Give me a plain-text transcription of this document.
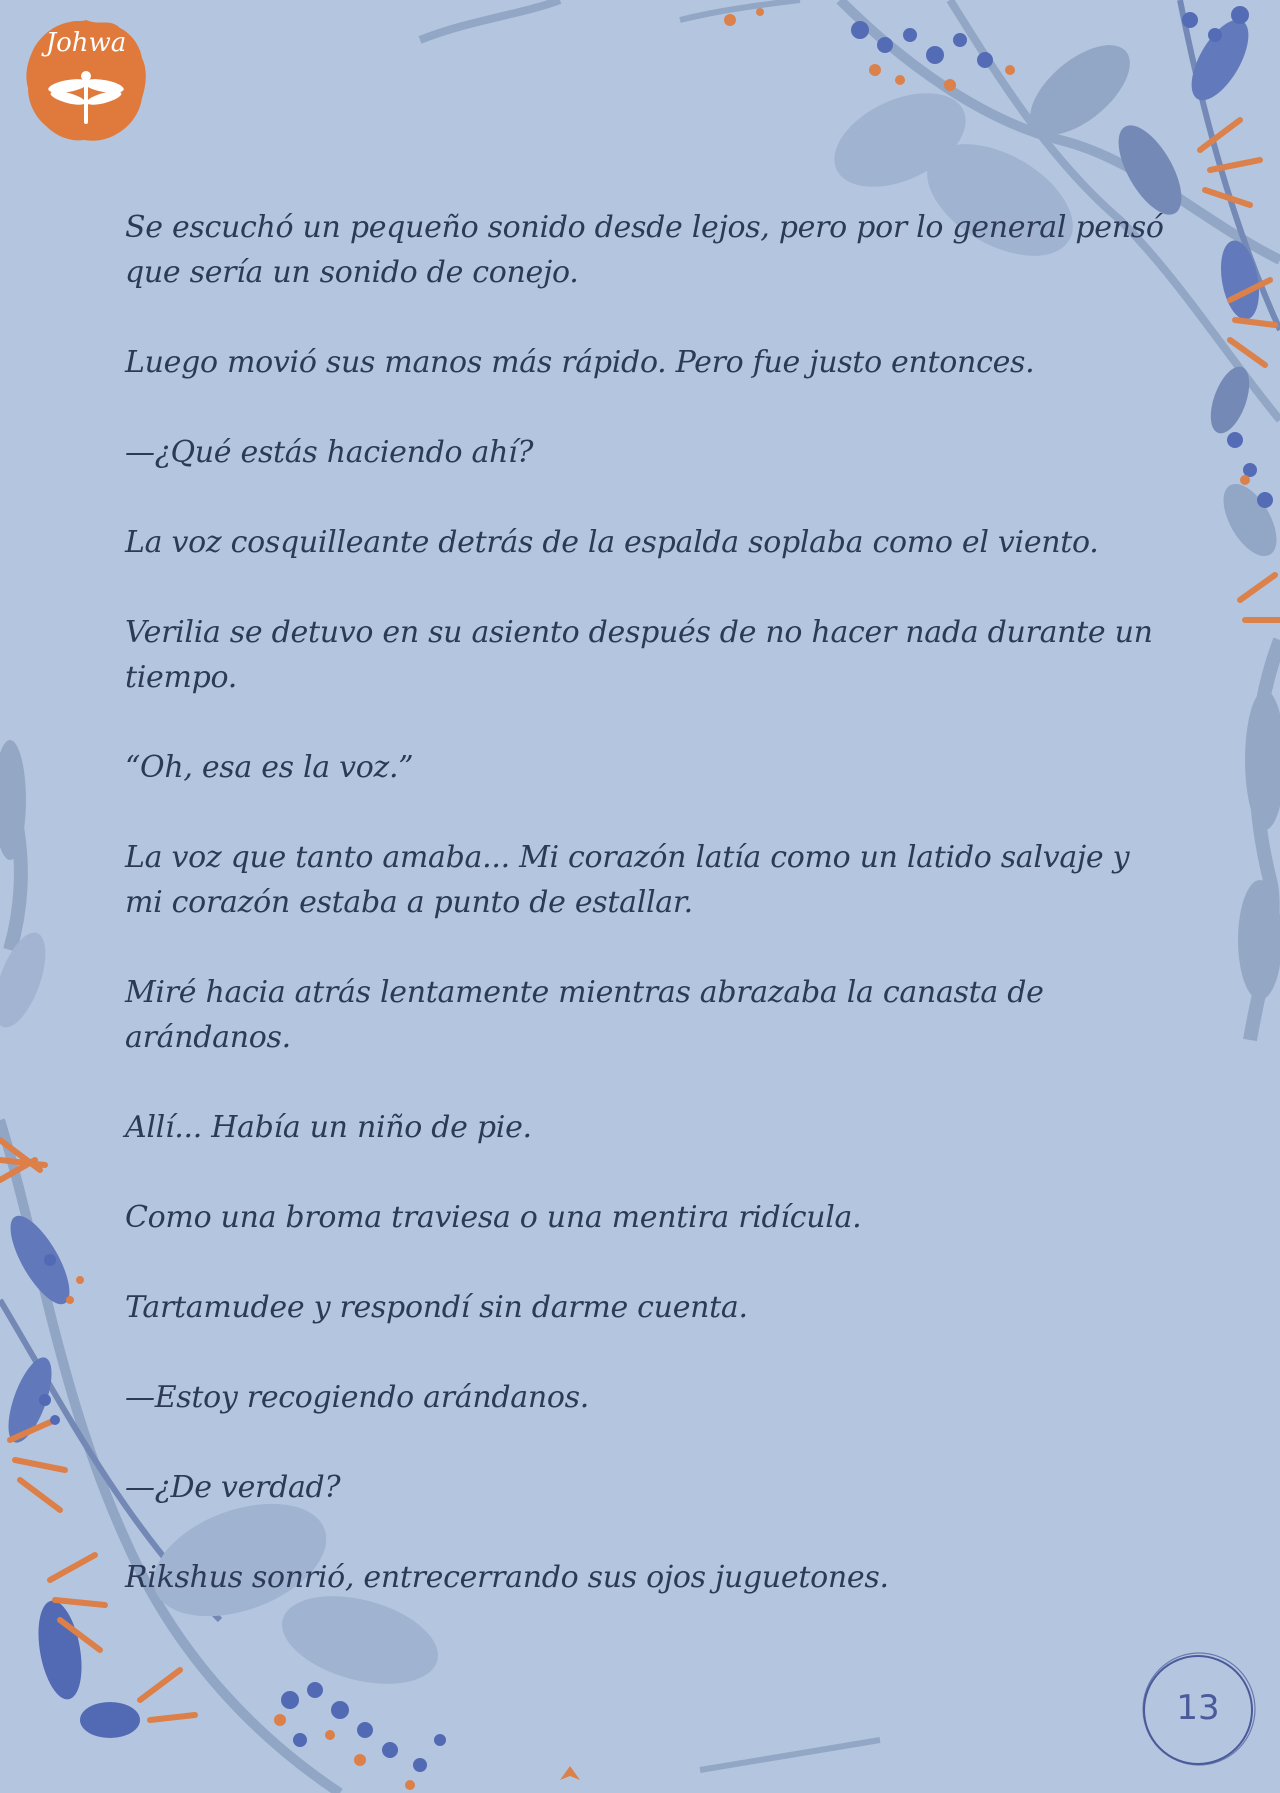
Johwa

Se escuchó un pequeño sonido desde lejos, pero por lo general pensó que sería un sonido de conejo.

Luego movió sus manos más rápido. Pero fue justo entonces.

—¿Qué estás haciendo ahí?

La voz cosquilleante detrás de la espalda soplaba como el viento.

Verilia se detuvo en su asiento después de no hacer nada durante un tiempo.

“Oh, esa es la voz.”

La voz que tanto amaba... Mi corazón latía como un latido salvaje y mi corazón estaba a punto de estallar.

Miré hacia atrás lentamente mientras abrazaba la canasta de arándanos.

Allí... Había un niño de pie.

Como una broma traviesa o una mentira ridícula.

Tartamudee y respondí sin darme cuenta.

—Estoy recogiendo arándanos.

—¿De verdad?

Rikshus sonrió, entrecerrando sus ojos juguetones.

13
